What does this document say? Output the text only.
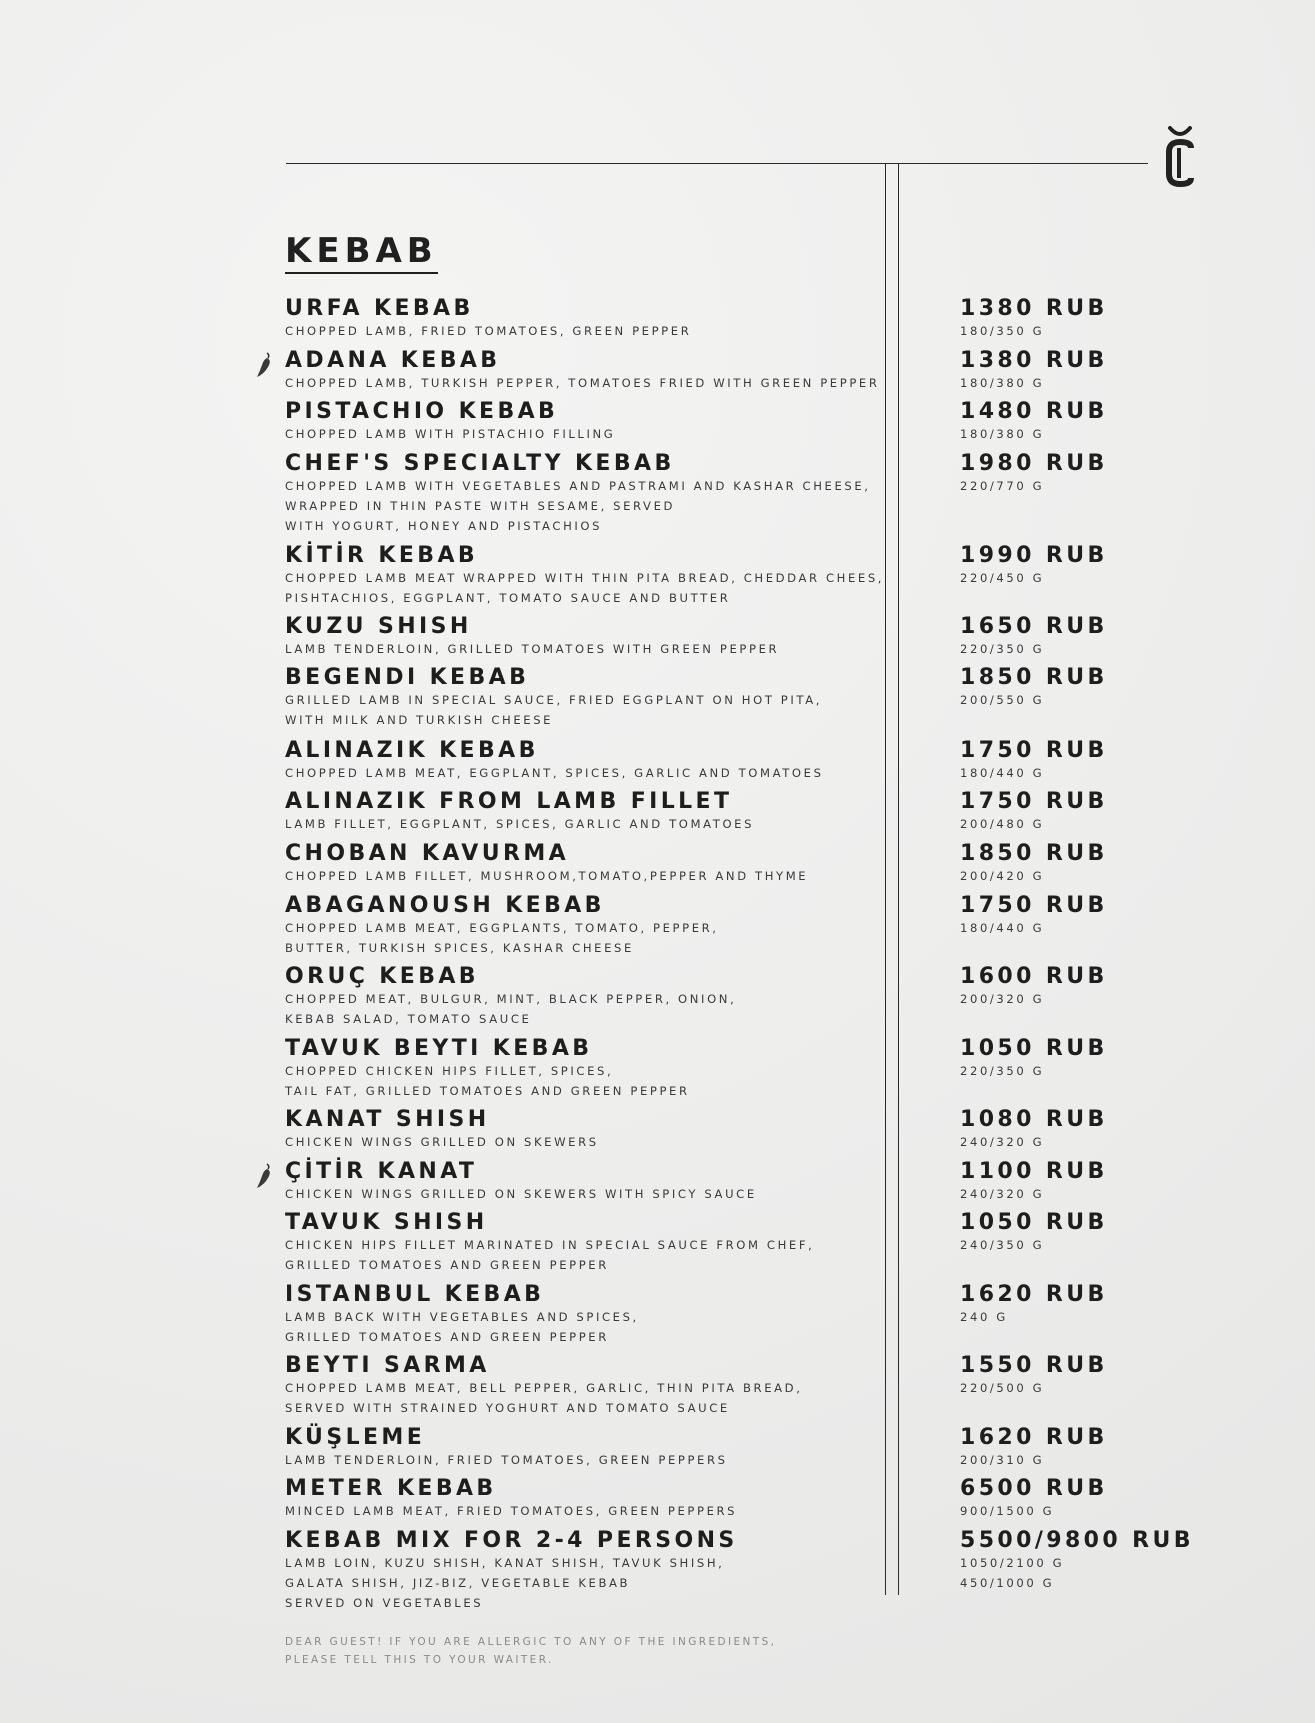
KEBAB
URFA KEBAB
CHOPPED LAMB, FRIED TOMATOES, GREEN PEPPER
1380 RUB
180/350 G
ADANA KEBAB
CHOPPED LAMB, TURKISH PEPPER, TOMATOES FRIED WITH GREEN PEPPER
1380 RUB
180/380 G
PISTACHIO KEBAB
CHOPPED LAMB WITH PISTACHIO FILLING
1480 RUB
180/380 G
CHEF'S SPECIALTY KEBAB
CHOPPED LAMB WITH VEGETABLES AND PASTRAMI AND KASHAR CHEESE,
WRAPPED IN THIN PASTE WITH SESAME, SERVED
WITH YOGURT, HONEY AND PISTACHIOS
1980 RUB
220/770 G
KİTİR KEBAB
CHOPPED LAMB MEAT WRAPPED WITH THIN PITA BREAD, CHEDDAR CHEES,
PISHTACHIOS, EGGPLANT, TOMATO SAUCE AND BUTTER
1990 RUB
220/450 G
KUZU SHISH
LAMB TENDERLOIN, GRILLED TOMATOES WITH GREEN PEPPER
1650 RUB
220/350 G
BEGENDI KEBAB
GRILLED LAMB IN SPECIAL SAUCE, FRIED EGGPLANT ON HOT PITA,
WITH MILK AND TURKISH CHEESE
1850 RUB
200/550 G
ALINAZIK KEBAB
CHOPPED LAMB MEAT, EGGPLANT, SPICES, GARLIC AND TOMATOES
1750 RUB
180/440 G
ALINAZIK FROM LAMB FILLET
LAMB FILLET, EGGPLANT, SPICES, GARLIC AND TOMATOES
1750 RUB
200/480 G
CHOBAN KAVURMA
CHOPPED LAMB FILLET, MUSHROOM,TOMATO,PEPPER AND THYME
1850 RUB
200/420 G
ABAGANOUSH KEBAB
CHOPPED LAMB MEAT, EGGPLANTS, TOMATO, PEPPER,
BUTTER, TURKISH SPICES, KASHAR CHEESE
1750 RUB
180/440 G
ORUÇ KEBAB
CHOPPED MEAT, BULGUR, MINT, BLACK PEPPER, ONION,
KEBAB SALAD, TOMATO SAUCE
1600 RUB
200/320 G
TAVUK BEYTI KEBAB
CHOPPED CHICKEN HIPS FILLET, SPICES,
TAIL FAT, GRILLED TOMATOES AND GREEN PEPPER
1050 RUB
220/350 G
KANAT SHISH
CHICKEN WINGS GRILLED ON SKEWERS
1080 RUB
240/320 G
ÇİTİR KANAT
CHICKEN WINGS GRILLED ON SKEWERS WITH SPICY SAUCE
1100 RUB
240/320 G
TAVUK SHISH
CHICKEN HIPS FILLET MARINATED IN SPECIAL SAUCE FROM CHEF,
GRILLED TOMATOES AND GREEN PEPPER
1050 RUB
240/350 G
ISTANBUL KEBAB
LAMB BACK WITH VEGETABLES AND SPICES,
GRILLED TOMATOES AND GREEN PEPPER
1620 RUB
240 G
BEYTI SARMA
CHOPPED LAMB MEAT, BELL PEPPER, GARLIC, THIN PITA BREAD,
SERVED WITH STRAINED YOGHURT AND TOMATO SAUCE
1550 RUB
220/500 G
KÜŞLEME
LAMB TENDERLOIN, FRIED TOMATOES, GREEN PEPPERS
1620 RUB
200/310 G
METER KEBAB
MINCED LAMB MEAT, FRIED TOMATOES, GREEN PEPPERS
6500 RUB
900/1500 G
KEBAB MIX FOR 2-4 PERSONS
LAMB LOIN, KUZU SHISH, KANAT SHISH, TAVUK SHISH,
GALATA SHISH, JIZ-BIZ, VEGETABLE KEBAB
SERVED ON VEGETABLES
5500/9800 RUB
1050/2100 G
450/1000 G
DEAR GUEST! IF YOU ARE ALLERGIC TO ANY OF THE INGREDIENTS,
PLEASE TELL THIS TO YOUR WAITER.
